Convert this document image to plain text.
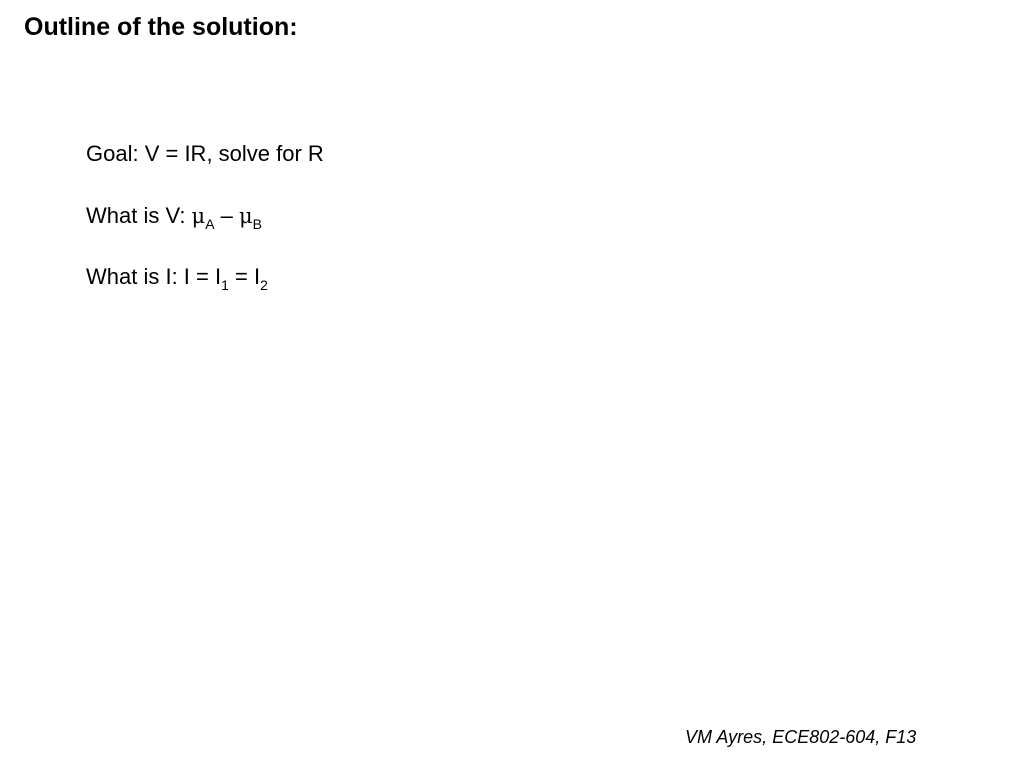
Outline of the solution:
Goal: V = IR, solve for R
What is V: $\mu_A - \mu_B$
What is I: $I = I_1 = I_2$
VM Ayres, ECE802-604, F13
